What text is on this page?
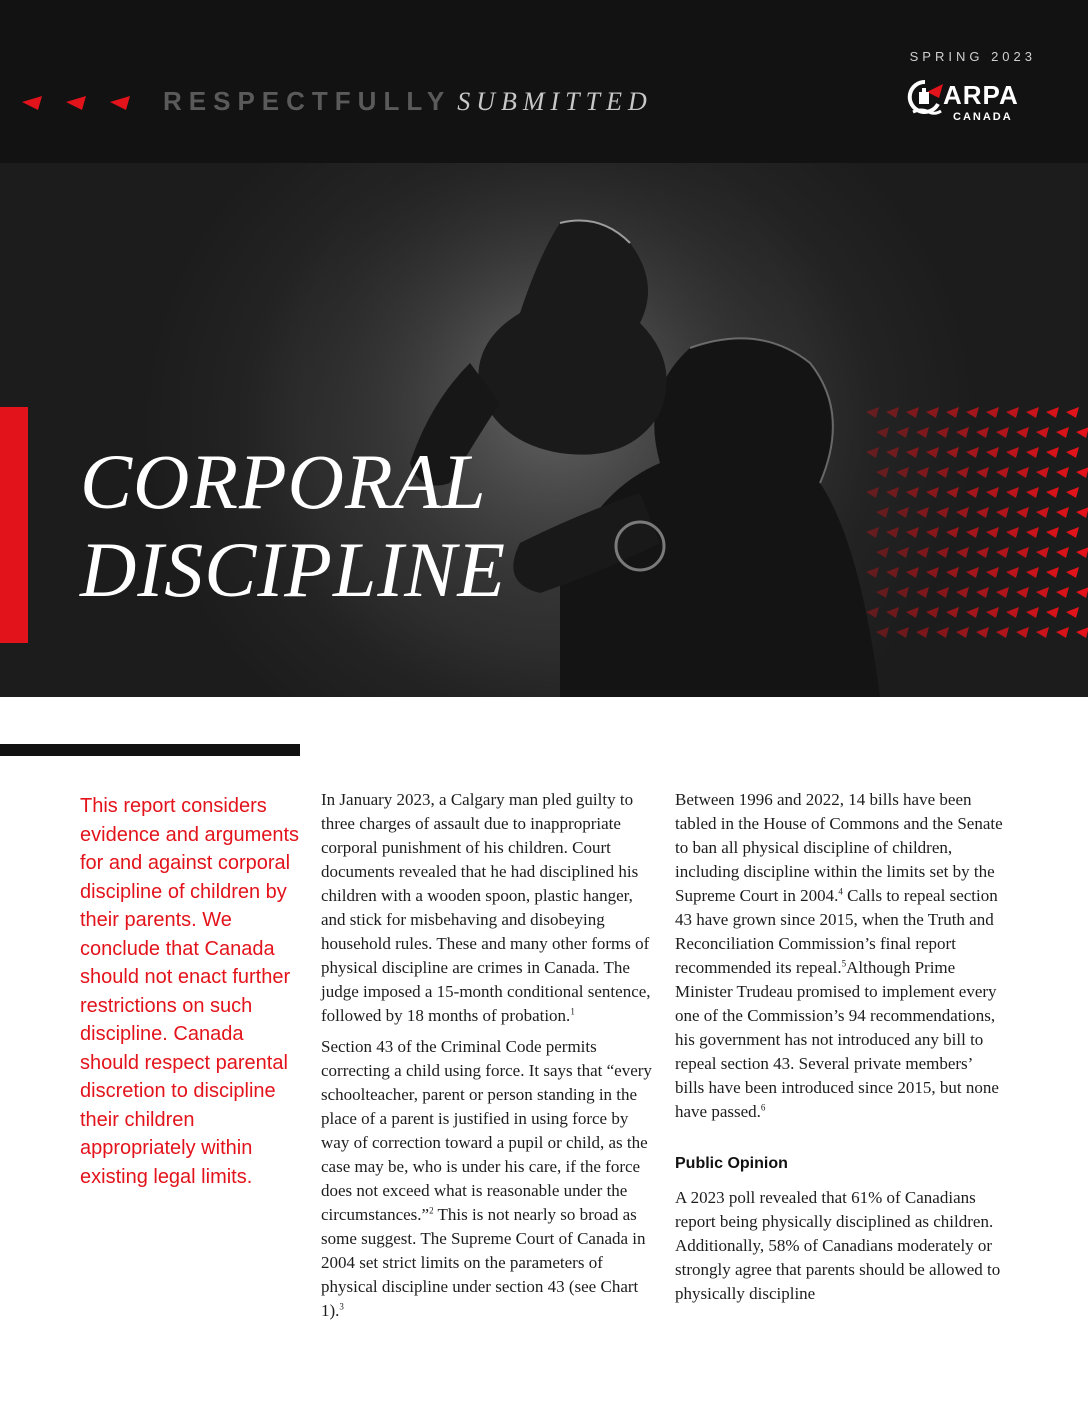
RESPECTFULLY SUBMITTED
SPRING 2023
ARPA
CANADA
CORPORAL
DISCIPLINE

This report considers evidence and arguments for and against corporal discipline of children by their parents. We conclude that Canada should not enact further restrictions on such discipline. Canada should respect parental discretion to discipline their children appropriately within existing legal limits.

In January 2023, a Calgary man pled guilty to three charges of assault due to inappropriate corporal punishment of his children. Court documents revealed that he had disciplined his children with a wooden spoon, plastic hanger, and stick for misbehaving and disobeying household rules. These and many other forms of physical discipline are crimes in Canada. The judge imposed a 15-month conditional sentence, followed by 18 months of probation.$^1$

Section 43 of the Criminal Code permits correcting a child using force. It says that “every schoolteacher, parent or person standing in the place of a parent is justified in using force by way of correction toward a pupil or child, as the case may be, who is under his care, if the force does not exceed what is reasonable under the circumstances.”$^2$ This is not nearly so broad as some suggest. The Supreme Court of Canada in 2004 set strict limits on the parameters of physical discipline under section 43 (see Chart 1).$^3$

Between 1996 and 2022, 14 bills have been tabled in the House of Commons and the Senate to ban all physical discipline of children, including discipline within the limits set by the Supreme Court in 2004.$^4$ Calls to repeal section 43 have grown since 2015, when the Truth and Reconciliation Commission’s final report recommended its repeal.$^5$Although Prime Minister Trudeau promised to implement every one of the Commission’s 94 recommendations, his government has not introduced any bill to repeal section 43. Several private members’ bills have been introduced since 2015, but none have passed.$^6$

Public Opinion

A 2023 poll revealed that 61% of Canadians report being physically disciplined as children. Additionally, 58% of Canadians moderately or strongly agree that parents should be allowed to physically discipline
